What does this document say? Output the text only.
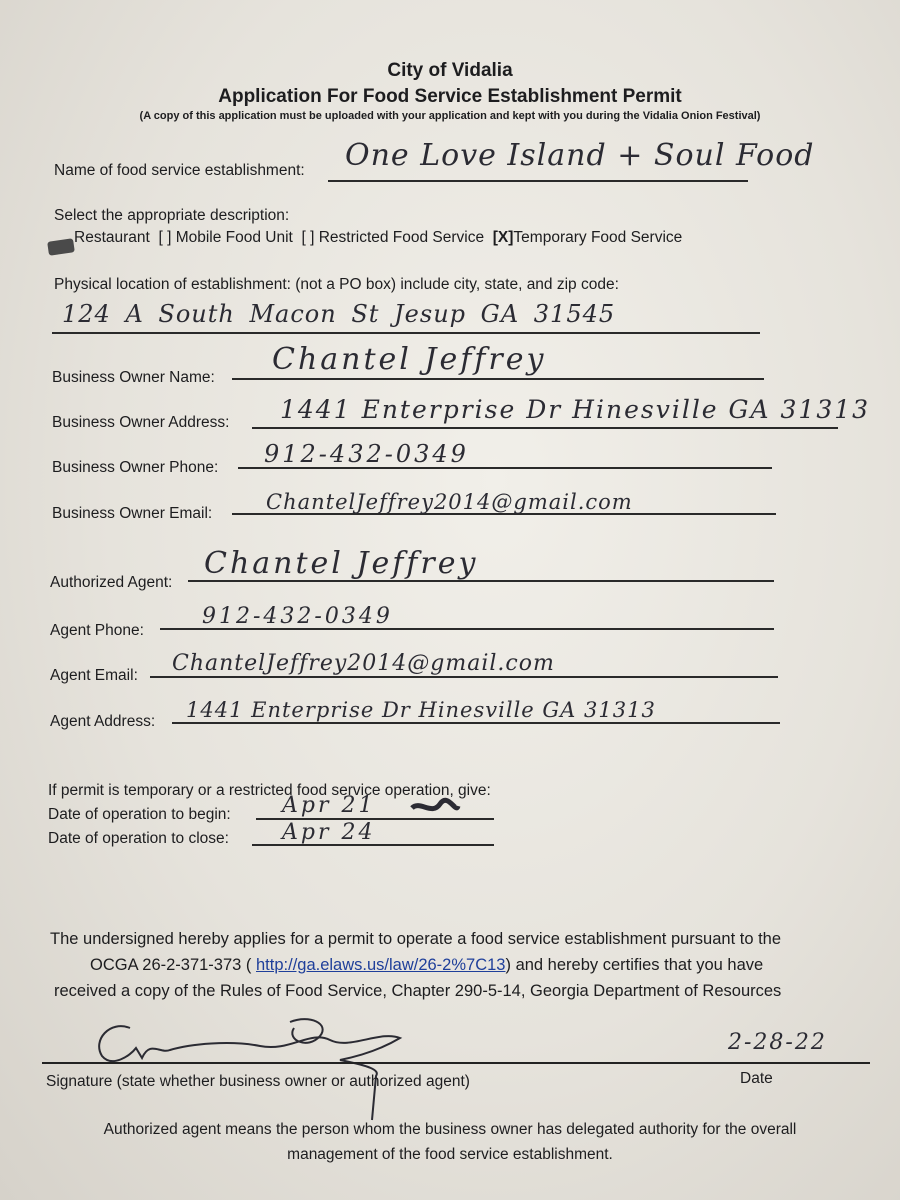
City of Vidalia
Application For Food Service Establishment Permit
(A copy of this application must be uploaded with your application and kept with you during the Vidalia Onion Festival)
Name of food service establishment: One Love Island + Soul Food
Select the appropriate description:
Restaurant [ ] Mobile Food Unit [ ] Restricted Food Service [X]Temporary Food Service
Physical location of establishment: (not a PO box) include city, state, and zip code:
124 A South Macon St Jesup GA 31545
Business Owner Name:
Chantel Jeffrey
Business Owner Address: 1441 Enterprise Dr Hinesville GA 31313
Business Owner Phone: 912-432-0349
Business Owner Email:	ChantelJeffrey2014@gmail.com
Authorized Agent:
Chantel Jeffrey
Agent Phone:
912-432-0349
Agent Email: ChantelJeffrey2014@gmail.com
Agent Address: 1441 Enterprise Dr Hinesville GA 31313
If permit is temporary or a restricted food service operation, give:
Date of operation to begin: Apr 21
Date of operation to close: Apr 24
The undersigned hereby applies for a permit to operate a food service establishment pursuant to the
OCGA 26-2-371-373 ( http://ga.elaws.us/law/26-2%7C13) and hereby certifies that you have
received a copy of the Rules of Food Service, Chapter 290-5-14, Georgia Department of Resources
2-28-22
Signature (state whether business owner or authorized agent)	Date
Authorized agent means the person whom the business owner has delegated authority for the overall
management of the food service establishment.
